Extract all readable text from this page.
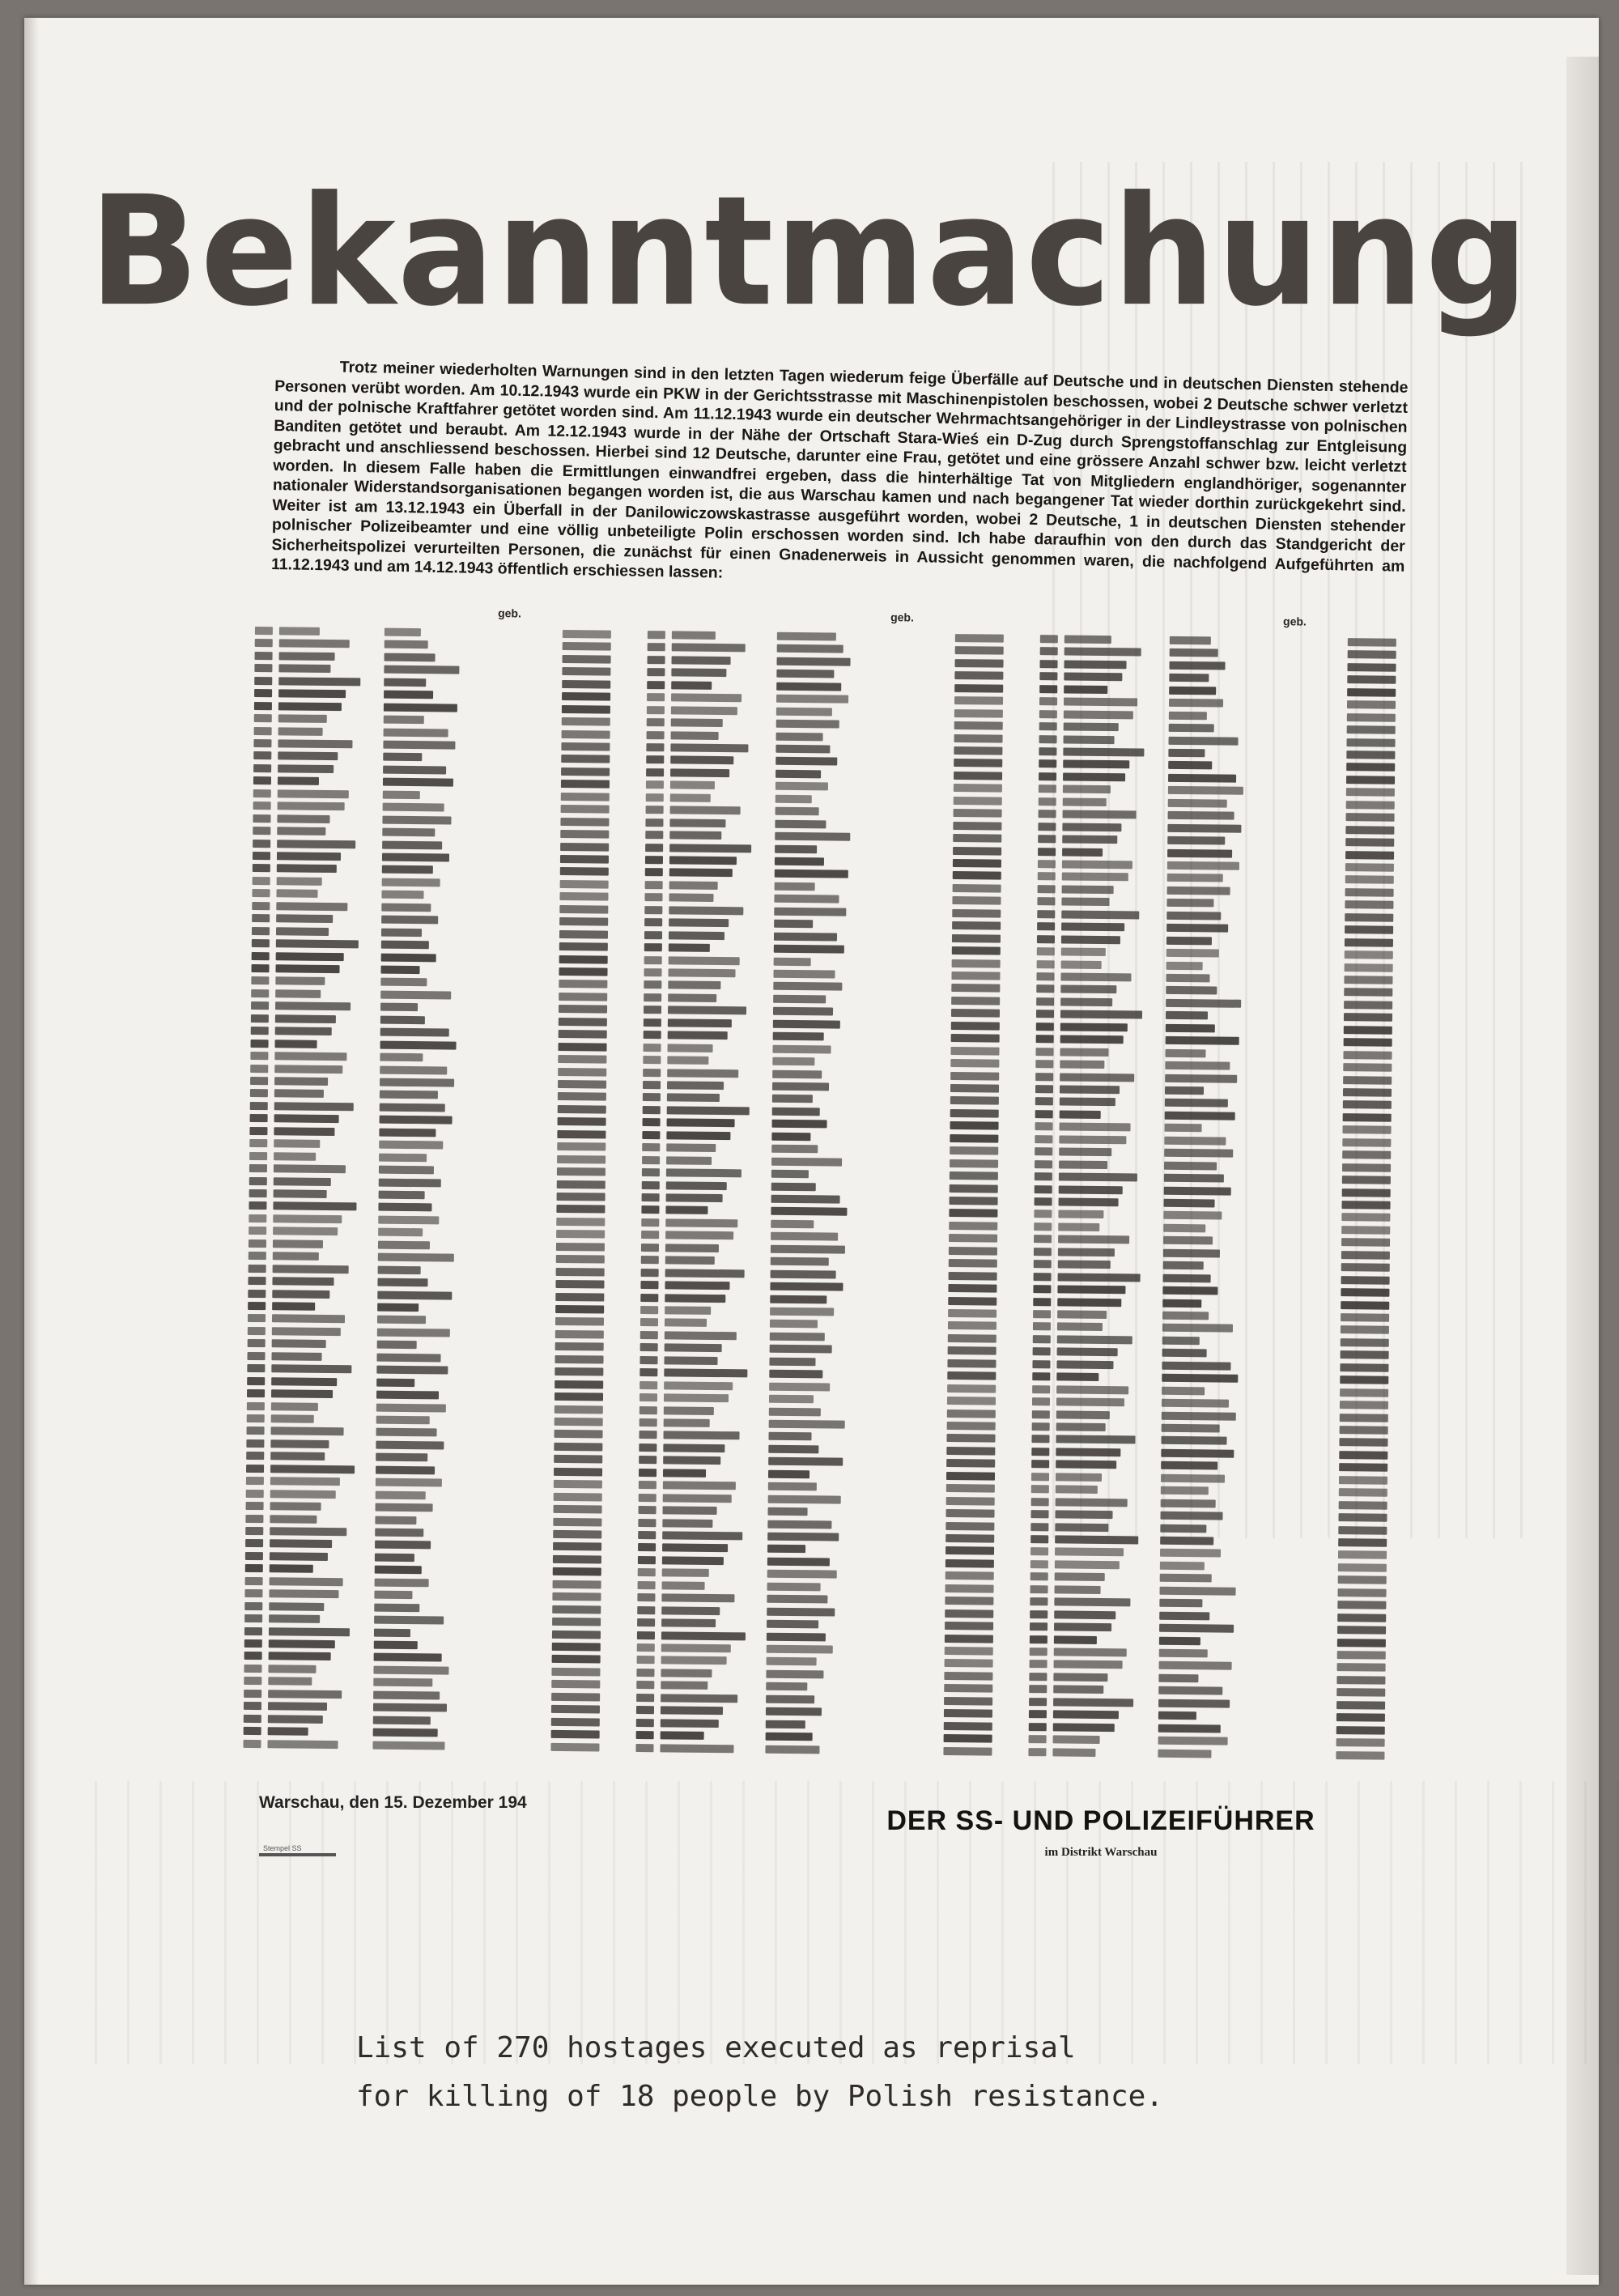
Bekanntmachung
Trotz meiner wiederholten Warnungen sind in den letzten Tagen wiederum feige Überfälle auf Deutsche und in deutschen Diensten stehende Personen verübt worden. Am 10.12.1943 wurde ein PKW in der Gerichtsstrasse mit Maschinenpistolen beschossen, wobei 2 Deutsche schwer verletzt und der polnische Kraftfahrer getötet worden sind. Am 11.12.1943 wurde ein deutscher Wehrmachtsangehöriger in der Lindleystrasse von polnischen Banditen getötet und beraubt. Am 12.12.1943 wurde in der Nähe der Ortschaft Stara-Wieś ein D-Zug durch Sprengstoffanschlag zur Entgleisung gebracht und anschliessend beschossen. Hierbei sind 12 Deutsche, darunter eine Frau, getötet und eine grössere Anzahl schwer bzw. leicht verletzt worden. In diesem Falle haben die Ermittlungen einwandfrei ergeben, dass die hinterhältige Tat von Mitgliedern englandhöriger, sogenannter nationaler Widerstandsorganisationen begangen worden ist, die aus Warschau kamen und nach begangener Tat wieder dorthin zurückgekehrt sind. Weiter ist am 13.12.1943 ein Überfall in der Danilowiczowskastrasse ausgeführt worden, wobei 2 Deutsche, 1 in deutschen Diensten stehender polnischer Polizeibeamter und eine völlig unbeteiligte Polin erschossen worden sind. Ich habe daraufhin von den durch das Standgericht der Sicherheitspolizei verurteilten Personen, die zunächst für einen Gnadenerweis in Aussicht genommen waren, die nachfolgend Aufgeführten am 11.12.1943 und am 14.12.1943 öffentlich erschiessen lassen:
geb.	geb.	geb.
Warschau, den 15. Dezember 194
Stempel SS
DER SS- UND POLIZEIFÜHRER
im Distrikt Warschau
List of 270 hostages executed as reprisal
for killing of 18 people by Polish resistance.
